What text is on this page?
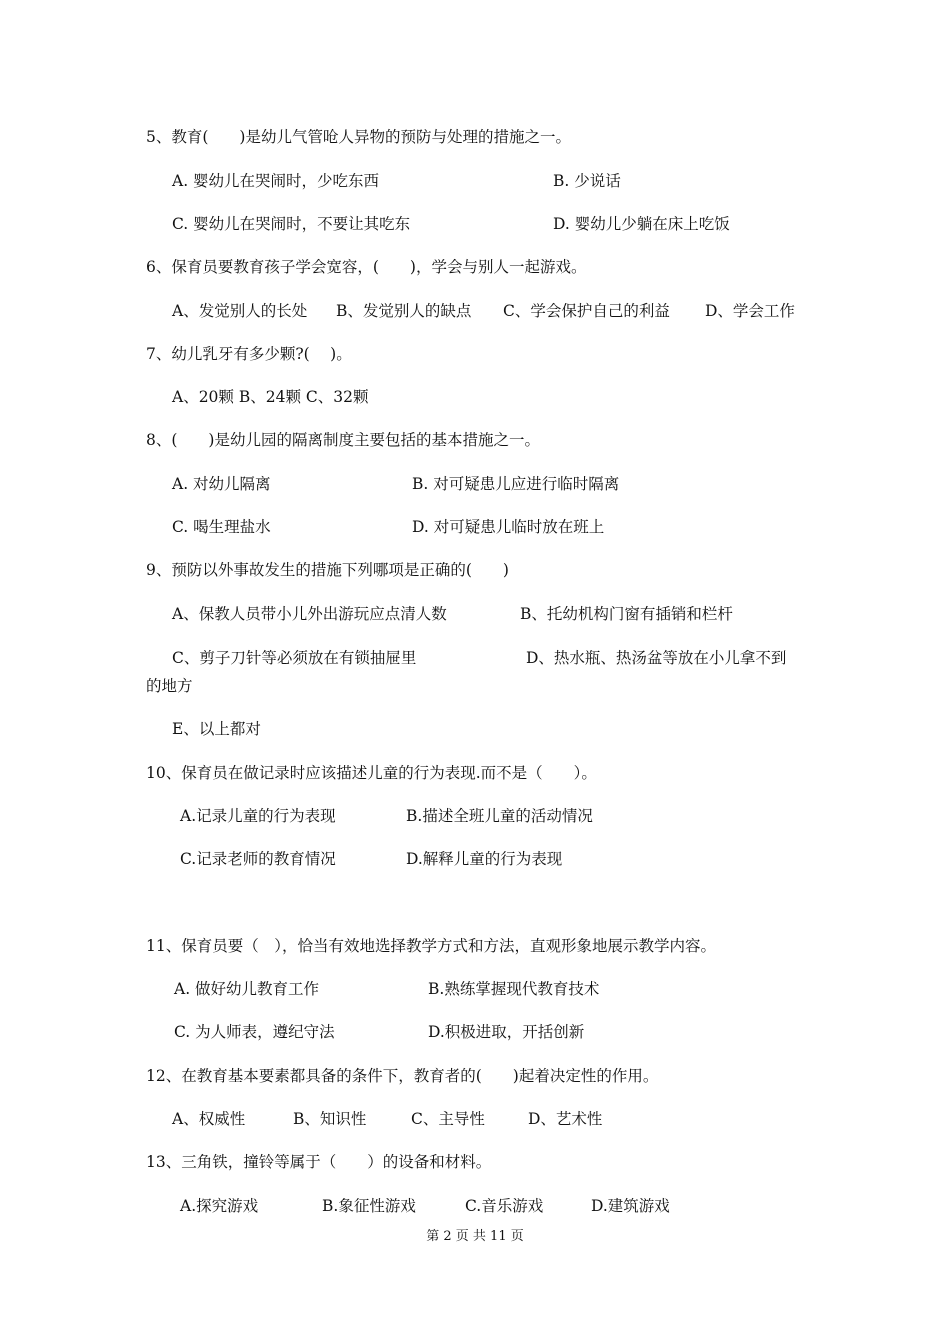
5、教育(　　)是幼儿气管呛人异物的预防与处理的措施之一。
A. 婴幼儿在哭闹时，少吃东西	B. 少说话
C. 婴幼儿在哭闹时，不要让其吃东	D. 婴幼儿少躺在床上吃饭
6、保育员要教育孩子学会宽容，(　　)，学会与别人一起游戏。
A、发觉别人的长处 B、发觉别人的缺点 C、学会保护自己的利益 D、学会工作
7、幼儿乳牙有多少颗?(　 )。
A、20颗 B、24颗 C、32颗
8、(　　)是幼儿园的隔离制度主要包括的基本措施之一。
A. 对幼儿隔离	B. 对可疑患儿应进行临时隔离
C. 喝生理盐水	D. 对可疑患儿临时放在班上
9、预防以外事故发生的措施下列哪项是正确的(　　)
A、保教人员带小儿外出游玩应点清人数	B、托幼机构门窗有插销和栏杆
C、剪子刀针等必须放在有锁抽屉里	D、热水瓶、热汤盆等放在小儿拿不到
的地方
E、以上都对
10、保育员在做记录时应该描述儿童的行为表现.而不是（　　）。
A.记录儿童的行为表现	B.描述全班儿童的活动情况
C.记录老师的教育情况	D.解释儿童的行为表现
11、保育员要（　），恰当有效地选择教学方式和方法，直观形象地展示教学内容。
A. 做好幼儿教育工作	B.熟练掌握现代教育技术
C. 为人师表，遵纪守法	D.积极进取，开括创新
12、在教育基本要素都具备的条件下，教育者的(　　)起着决定性的作用。
A、权威性	B、知识性	C、主导性	D、艺术性
13、三角铁，撞铃等属于（　　）的设备和材料。
A.探究游戏	B.象征性游戏	C.音乐游戏	D.建筑游戏
第 2 页 共 11 页
